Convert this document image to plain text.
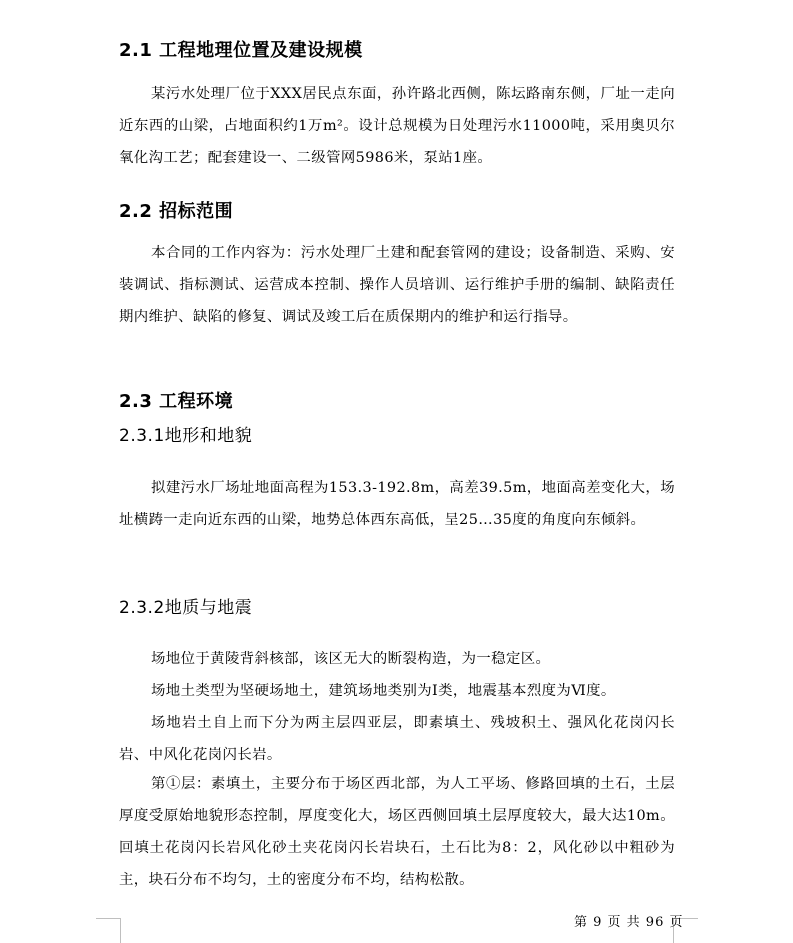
2.1 工程地理位置及建设规模
某污水处理厂位于XXX居民点东面，孙许路北西侧，陈坛路南东侧，厂址一走向近东西的山梁，占地面积约1万m²。设计总规模为日处理污水11000吨，采用奥贝尔氧化沟工艺；配套建设一、二级管网5986米，泵站1座。
2.2 招标范围
本合同的工作内容为：污水处理厂土建和配套管网的建设；设备制造、采购、安装调试、指标测试、运营成本控制、操作人员培训、运行维护手册的编制、缺陷责任期内维护、缺陷的修复、调试及竣工后在质保期内的维护和运行指导。
2.3 工程环境
2.3.1地形和地貌
拟建污水厂场址地面高程为153.3-192.8m，高差39.5m，地面高差变化大，场址横踌一走向近东西的山梁，地势总体西东高低，呈25…35度的角度向东倾斜。
2.3.2地质与地震
场地位于黄陵背斜核部，该区无大的断裂构造，为一稳定区。
场地土类型为坚硬场地土，建筑场地类别为Ⅰ类，地震基本烈度为Ⅵ度。
场地岩土自上而下分为两主层四亚层，即素填土、残坡积土、强风化花岗闪长岩、中风化花岗闪长岩。
第①层：素填土，主要分布于场区西北部，为人工平场、修路回填的土石，土层厚度受原始地貌形态控制，厚度变化大，场区西侧回填土层厚度较大，最大达10m。回填土花岗闪长岩风化砂土夹花岗闪长岩块石，土石比为8：2，风化砂以中粗砂为主，块石分布不均匀，土的密度分布不均，结构松散。
第 9 页 共 96 页
